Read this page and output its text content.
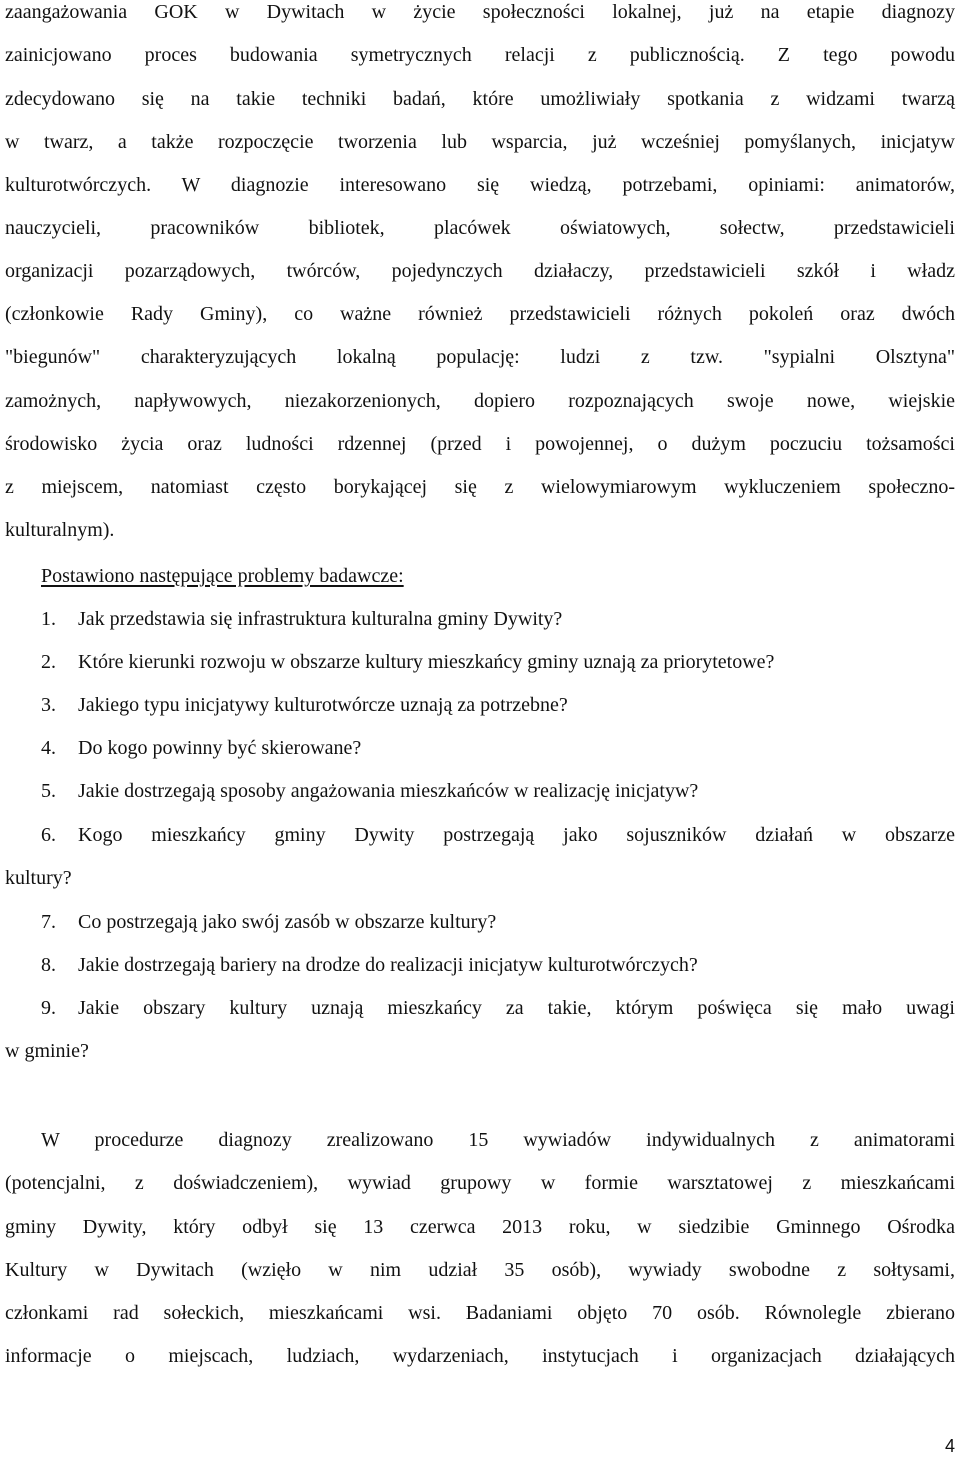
zaangażowania GOK w Dywitach w życie społeczności lokalnej, już na etapie diagnozy
zainicjowano proces budowania symetrycznych relacji z publicznością. Z tego powodu
zdecydowano się na takie techniki badań, które umożliwiały spotkania z widzami twarzą
w twarz, a także rozpoczęcie tworzenia lub wsparcia, już wcześniej pomyślanych, inicjatyw
kulturotwórczych. W diagnozie interesowano się wiedzą, potrzebami, opiniami: animatorów,
nauczycieli, pracowników bibliotek, placówek oświatowych, sołectw, przedstawicieli
organizacji pozarządowych, twórców, pojedynczych działaczy, przedstawicieli szkół i władz
(członkowie Rady Gminy), co ważne również przedstawicieli różnych pokoleń oraz dwóch
"biegunów" charakteryzujących lokalną populację: ludzi z tzw. "sypialni Olsztyna"
zamożnych, napływowych, niezakorzenionych, dopiero rozpoznających swoje nowe, wiejskie
środowisko życia oraz ludności rdzennej (przed i powojennej, o dużym poczuciu tożsamości
z miejscem, natomiast często borykającej się z wielowymiarowym wykluczeniem społeczno-
kulturalnym).
Postawiono następujące problemy badawcze:
1. Jak przedstawia się infrastruktura kulturalna gminy Dywity?
2. Które kierunki rozwoju w obszarze kultury mieszkańcy gminy uznają za priorytetowe?
3. Jakiego typu inicjatywy kulturotwórcze uznają za potrzebne?
4. Do kogo powinny być skierowane?
5. Jakie dostrzegają sposoby angażowania mieszkańców w realizację inicjatyw?
6. Kogo mieszkańcy gminy Dywity postrzegają jako sojuszników działań w obszarze
kultury?
7. Co postrzegają jako swój zasób w obszarze kultury?
8. Jakie dostrzegają bariery na drodze do realizacji inicjatyw kulturotwórczych?
9. Jakie obszary kultury uznają mieszkańcy za takie, którym poświęca się mało uwagi
w gminie?
W procedurze diagnozy zrealizowano 15 wywiadów indywidualnych z animatorami
(potencjalni, z doświadczeniem), wywiad grupowy w formie warsztatowej z mieszkańcami
gminy Dywity, który odbył się 13 czerwca 2013 roku, w siedzibie Gminnego Ośrodka
Kultury w Dywitach (wzięło w nim udział 35 osób), wywiady swobodne z sołtysami,
członkami rad sołeckich, mieszkańcami wsi. Badaniami objęto 70 osób. Równolegle zbierano
informacje o miejscach, ludziach, wydarzeniach, instytucjach i organizacjach działających
4
